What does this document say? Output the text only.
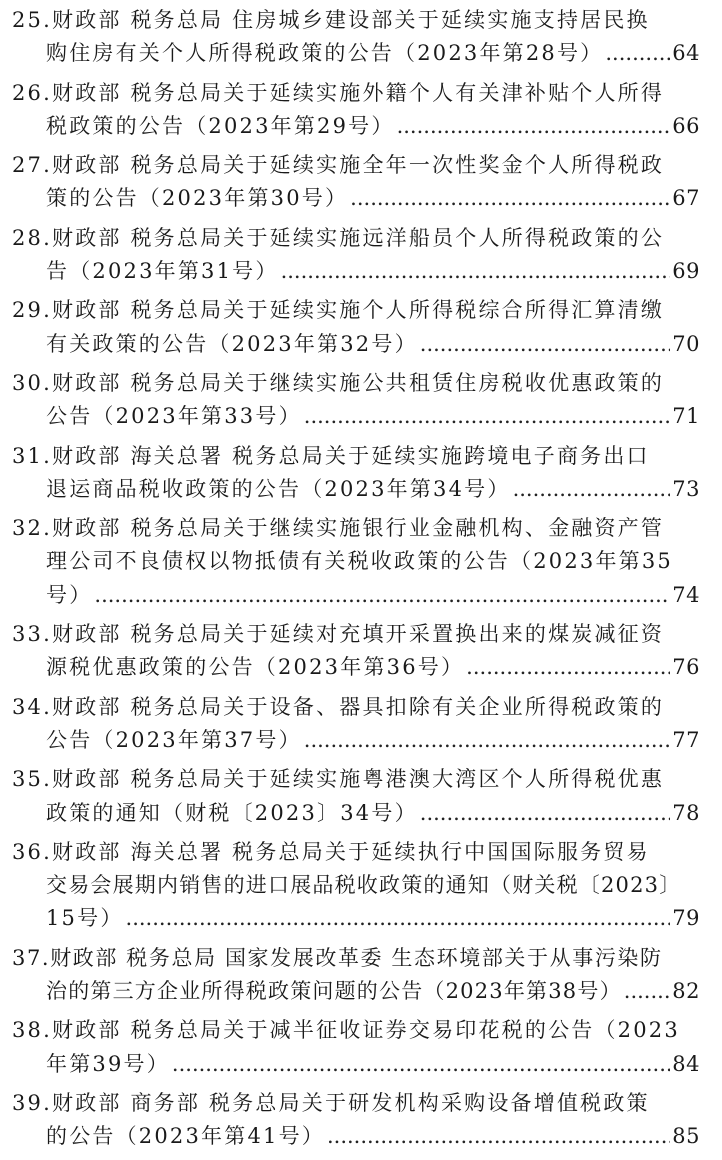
25.财政部 税务总局 住房城乡建设部关于延续实施支持居民换
购住房有关个人所得税政策的公告（2023年第28号） .....	64
26.财政部 税务总局关于延续实施外籍个人有关津补贴个人所得
税政策的公告（2023年第29号） .....	66
27.财政部 税务总局关于延续实施全年一次性奖金个人所得税政
策的公告（2023年第30号） .....	67
28.财政部 税务总局关于延续实施远洋船员个人所得税政策的公
告（2023年第31号） .....	69
29.财政部 税务总局关于延续实施个人所得税综合所得汇算清缴
有关政策的公告（2023年第32号） .....	70
30.财政部 税务总局关于继续实施公共租赁住房税收优惠政策的
公告（2023年第33号） .....	71
31.财政部 海关总署 税务总局关于延续实施跨境电子商务出口
退运商品税收政策的公告（2023年第34号） .....	73
32.财政部 税务总局关于继续实施银行业金融机构、金融资产管
理公司不良债权以物抵债有关税收政策的公告（2023年第35
号） .....	74
33.财政部 税务总局关于延续对充填开采置换出来的煤炭减征资
源税优惠政策的公告（2023年第36号） .....	76
34.财政部 税务总局关于设备、器具扣除有关企业所得税政策的
公告（2023年第37号） .....	77
35.财政部 税务总局关于延续实施粤港澳大湾区个人所得税优惠
政策的通知（财税〔2023〕34号） .....	78
36.财政部 海关总署 税务总局关于延续执行中国国际服务贸易
交易会展期内销售的进口展品税收政策的通知（财关税〔2023〕
15号） .....	79
37.财政部 税务总局 国家发展改革委 生态环境部关于从事污染防
治的第三方企业所得税政策问题的公告（2023年第38号） ..... 82
38.财政部 税务总局关于减半征收证券交易印花税的公告（2023
年第39号） .....	84
39.财政部 商务部 税务总局关于研发机构采购设备增值税政策
的公告（2023年第41号） .....	85
